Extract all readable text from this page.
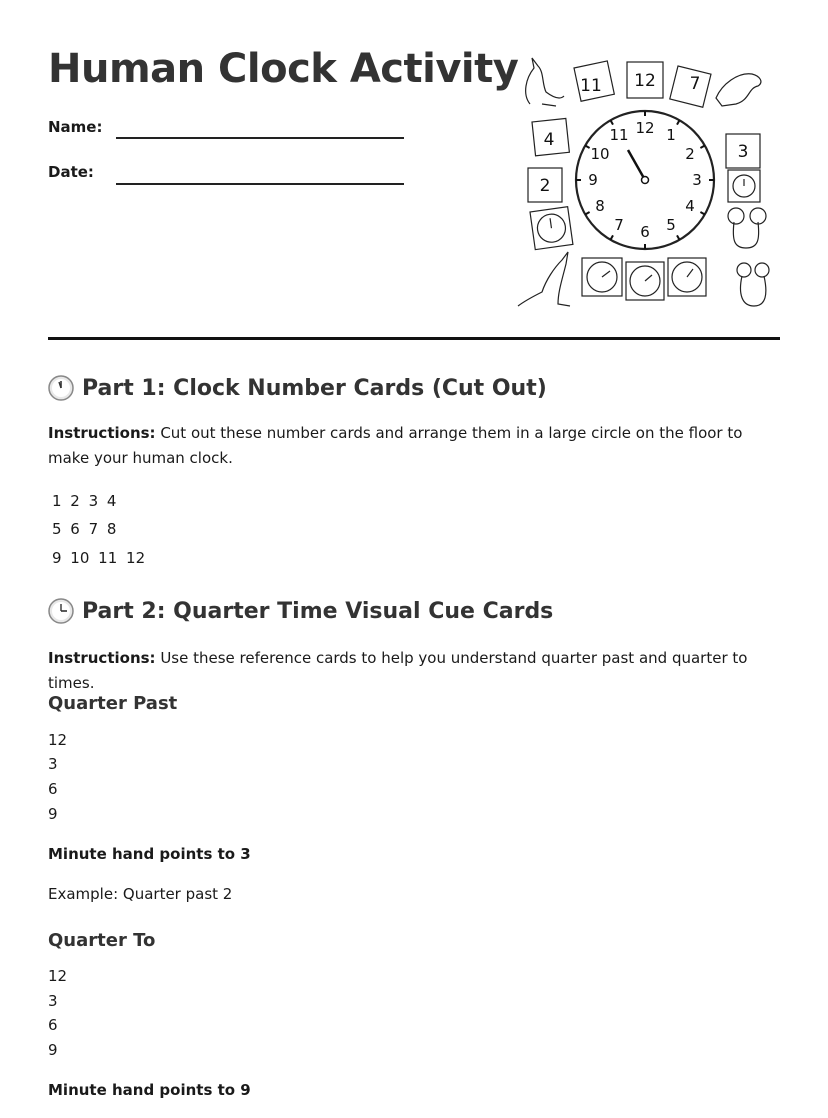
Human Clock Activity
Name:
Date:
12 1
2
3
4
5
6
7
8
9
10
11
11 12 7
4
2
3
Part 1: Clock Number Cards (Cut Out)

Instructions: Cut out these number cards and arrange them in a large circle on the floor to make your human clock.

1 2 3 4
5 6 7 8
9 10 11 12
Part 2: Quarter Time Visual Cue Cards

Instructions: Use these reference cards to help you understand quarter past and quarter to times.

Quarter Past
12
3
6
9
Minute hand points to 3
Example: Quarter past 2
Quarter To
12
3
6
9
Minute hand points to 9
